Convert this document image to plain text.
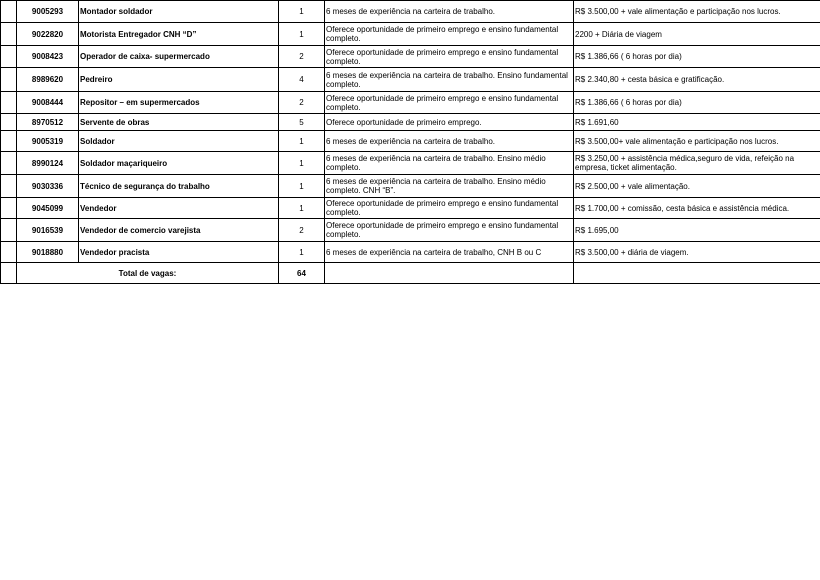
	9005293	Montador soldador	1	6 meses de experiência na carteira de trabalho.	R$ 3.500,00 + vale alimentação e participação nos lucros.
	9022820	Motorista Entregador CNH “D”	1	Oferece oportunidade de primeiro emprego e ensino fundamental completo.	2200 + Diária de viagem
	9008423	Operador de caixa- supermercado	2	Oferece oportunidade de primeiro emprego e ensino fundamental completo.	R$ 1.386,66 ( 6 horas por dia)
	8989620	Pedreiro	4	6 meses de experiência na carteira de trabalho. Ensino fundamental completo.	R$ 2.340,80 + cesta básica e gratificação.
	9008444	Repositor – em supermercados	2	Oferece oportunidade de primeiro emprego e ensino fundamental completo.	R$ 1.386,66 ( 6 horas por dia)
	8970512	Servente de obras	5	Oferece oportunidade de primeiro emprego.	R$ 1.691,60
	9005319	Soldador	1	6 meses de experiência na carteira de trabalho.	R$ 3.500,00+ vale alimentação e participação nos lucros.
	8990124	Soldador maçariqueiro	1	6 meses de experiência na carteira de trabalho. Ensino médio completo.	R$ 3.250,00 + assistência médica,seguro de vida, refeição na empresa, ticket alimentação.
	9030336	Técnico de segurança do trabalho	1	6 meses de experiência na carteira de trabalho. Ensino médio completo. CNH “B”.	R$ 2.500,00 + vale alimentação.
	9045099	Vendedor	1	Oferece oportunidade de primeiro emprego e ensino fundamental completo.	R$ 1.700,00 + comissão, cesta básica e assistência médica.
	9016539	Vendedor de comercio varejista	2	Oferece oportunidade de primeiro emprego e ensino fundamental completo.	R$ 1.695,00
	9018880	Vendedor pracista	1	6 meses de experiência na carteira de trabalho, CNH B ou C	R$ 3.500,00 + diária de viagem.
	Total de vagas:		64		
